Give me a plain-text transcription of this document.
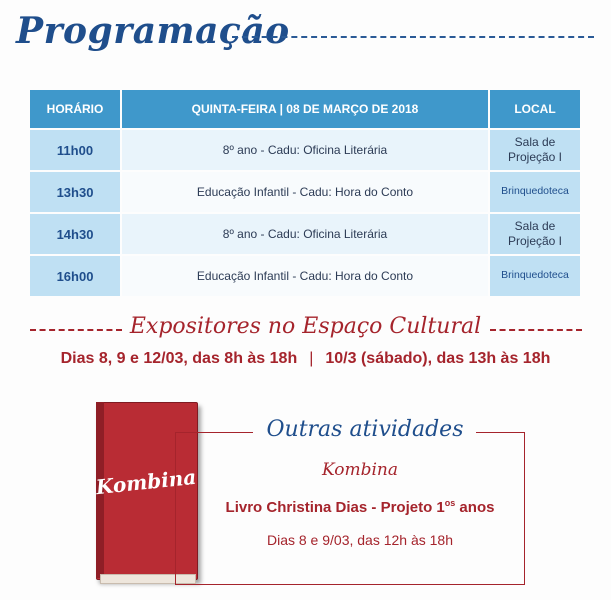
Programação
HORÁRIO	QUINTA-FEIRA | 08 DE MARÇO DE 2018	LOCAL
11h00	8º ano - Cadu: Oficina Literária	Sala de Projeção I
13h30	Educação Infantil - Cadu: Hora do Conto	Brinquedoteca
14h30	8º ano - Cadu: Oficina Literária	Sala de Projeção I
16h00	Educação Infantil - Cadu: Hora do Conto	Brinquedoteca
Expositores no Espaço Cultural
Dias 8, 9 e 12/03, das 8h às 18h | 10/3 (sábado), das 13h às 18h
Kombina
Outras atividades
Kombina
Livro Christina Dias - Projeto $1^{os}$ anos
Dias 8 e 9/03, das 12h às 18h
